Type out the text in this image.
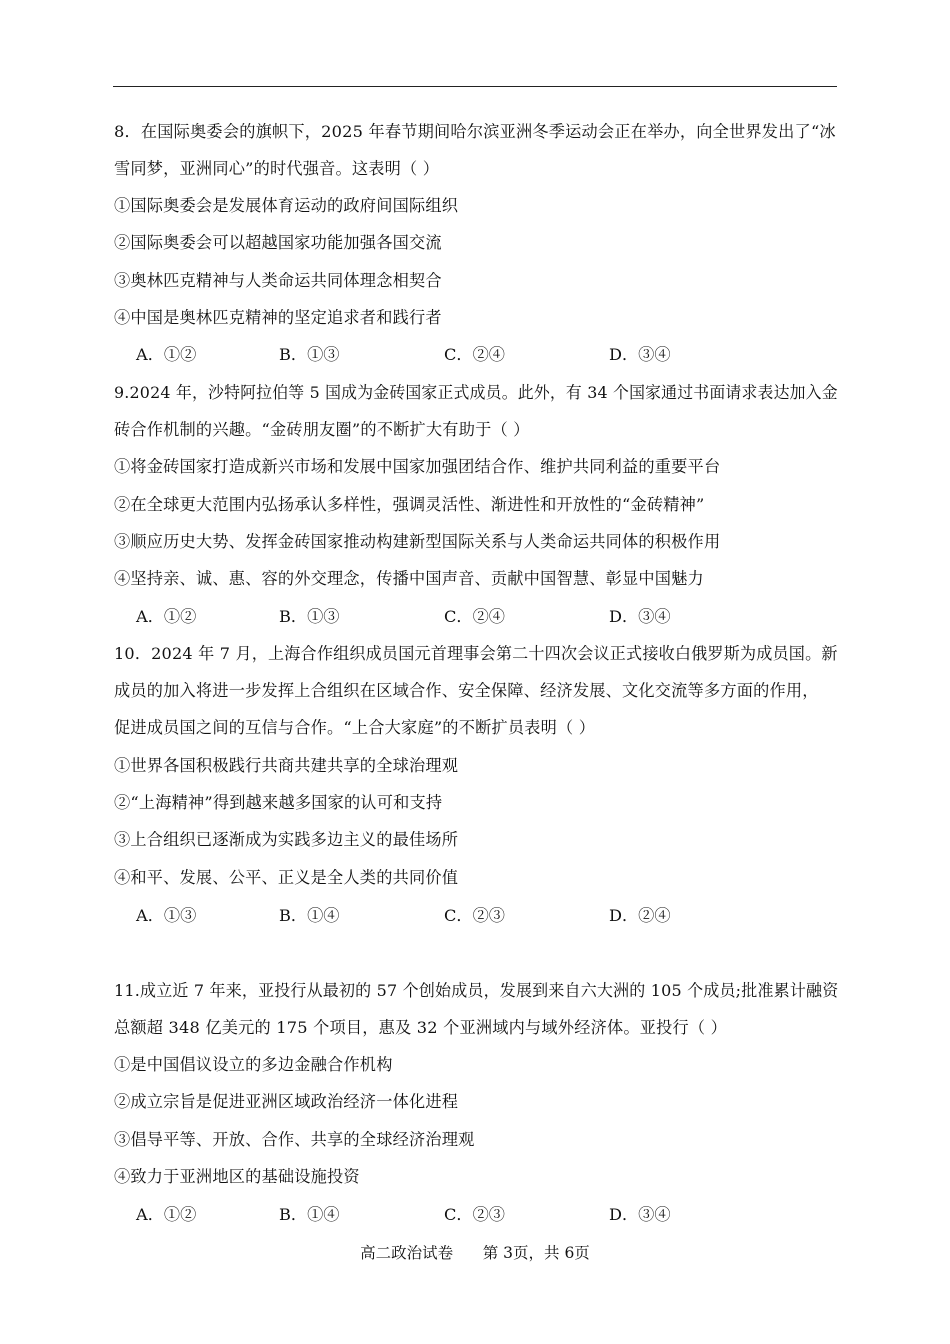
8．在国际奥委会的旗帜下，2025 年春节期间哈尔滨亚洲冬季运动会正在举办，向全世界发出了“冰
雪同梦，亚洲同心”的时代强音。这表明（ ）
①国际奥委会是发展体育运动的政府间国际组织
②国际奥委会可以超越国家功能加强各国交流
③奥林匹克精神与人类命运共同体理念相契合
④中国是奥林匹克精神的坚定追求者和践行者
A．①②	B．①③	C．②④	D．③④
9.2024 年，沙特阿拉伯等 5 国成为金砖国家正式成员。此外，有 34 个国家通过书面请求表达加入金
砖合作机制的兴趣。“金砖朋友圈”的不断扩大有助于（ ）
①将金砖国家打造成新兴市场和发展中国家加强团结合作、维护共同利益的重要平台
②在全球更大范围内弘扬承认多样性，强调灵活性、渐进性和开放性的“金砖精神”
③顺应历史大势、发挥金砖国家推动构建新型国际关系与人类命运共同体的积极作用
④坚持亲、诚、惠、容的外交理念，传播中国声音、贡献中国智慧、彰显中国魅力
A．①②	B．①③	C．②④	D．③④
10．2024 年 7 月，上海合作组织成员国元首理事会第二十四次会议正式接收白俄罗斯为成员国。新
成员的加入将进一步发挥上合组织在区域合作、安全保障、经济发展、文化交流等多方面的作用，
促进成员国之间的互信与合作。“上合大家庭”的不断扩员表明（ ）
①世界各国积极践行共商共建共享的全球治理观
②“上海精神”得到越来越多国家的认可和支持
③上合组织已逐渐成为实践多边主义的最佳场所
④和平、发展、公平、正义是全人类的共同价值
A．①③	B．①④	C．②③	D．②④
11.成立近 7 年来，亚投行从最初的 57 个创始成员，发展到来自六大洲的 105 个成员;批准累计融资
总额超 348 亿美元的 175 个项目，惠及 32 个亚洲域内与域外经济体。亚投行（ ）
①是中国倡议设立的多边金融合作机构
②成立宗旨是促进亚洲区域政治经济一体化进程
③倡导平等、开放、合作、共享的全球经济治理观
④致力于亚洲地区的基础设施投资
A．①②	B．①④	C．②③	D．③④
高二政治试卷      第 3页，共 6页
